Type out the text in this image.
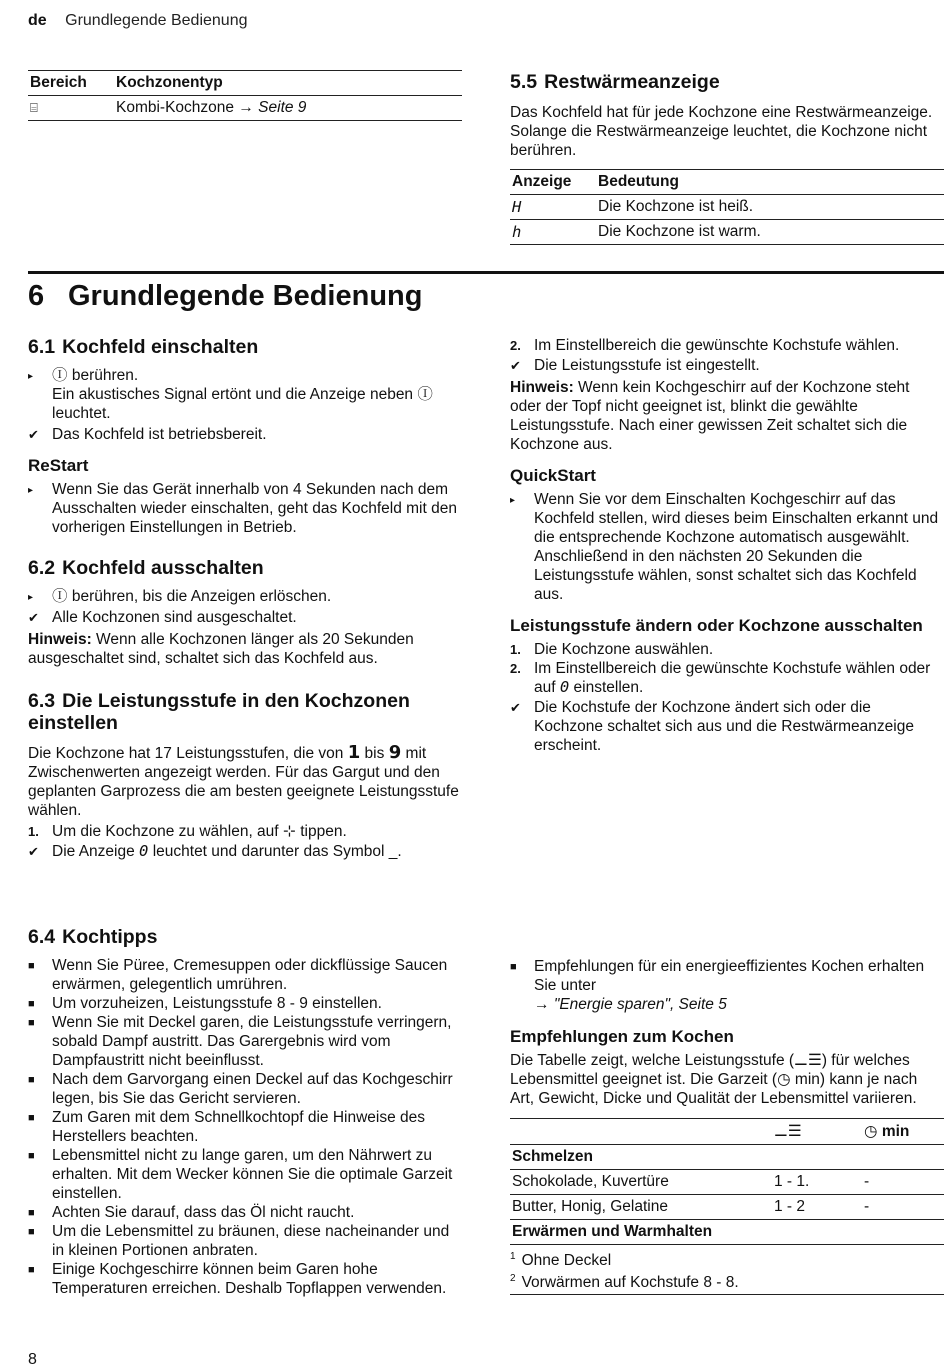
de Grundlegende Bedienung
Bereich	Kochzonentyp
⌸	Kombi-Kochzone → Seite 9
5.5 Restwärmeanzeige

Das Kochfeld hat für jede Kochzone eine Restwärmeanzeige. Solange die Restwärmeanzeige leuchtet, die Kochzone nicht berühren.

Anzeige	Bedeutung
H	Die Kochzone ist heiß.
h	Die Kochzone ist warm.
6 Grundlegende Bedienung
6.1 Kochfeld einschalten
▸	Ⓘ berühren.
Ein akustisches Signal ertönt und die Anzeige neben Ⓘ leuchtet.
✔ Das Kochfeld ist betriebsbereit.
ReStart
▸	Wenn Sie das Gerät innerhalb von 4 Sekunden nach dem Ausschalten wieder einschalten, geht das Kochfeld mit den vorherigen Einstellungen in Betrieb.
6.2 Kochfeld ausschalten
▸	Ⓘ berühren, bis die Anzeigen erlöschen.
✔ Alle Kochzonen sind ausgeschaltet.

Hinweis: Wenn alle Kochzonen länger als 20 Sekunden ausgeschaltet sind, schaltet sich das Kochfeld aus.

6.3 Die Leistungsstufe in den Kochzonen einstellen

Die Kochzone hat 17 Leistungsstufen, die von 1 bis 9 mit Zwischenwerten angezeigt werden. Für das Gargut und den geplanten Garprozess die am besten geeignete Leistungsstufe wählen.

1. Um die Kochzone zu wählen, auf ⊹ tippen.
✔ Die Anzeige 0 leuchtet und darunter das Symbol _.
2. Im Einstellbereich die gewünschte Kochstufe wählen.
✔ Die Leistungsstufe ist eingestellt.

Hinweis: Wenn kein Kochgeschirr auf der Kochzone steht oder der Topf nicht geeignet ist, blinkt die gewählte Leistungsstufe. Nach einer gewissen Zeit schaltet sich die Kochzone aus.

QuickStart
▸	Wenn Sie vor dem Einschalten Kochgeschirr auf das Kochfeld stellen, wird dieses beim Einschalten erkannt und die entsprechende Kochzone automatisch ausgewählt. Anschließend in den nächsten 20 Sekunden die Leistungsstufe wählen, sonst schaltet sich das Kochfeld aus.
Leistungsstufe ändern oder Kochzone ausschalten
1. Die Kochzone auswählen.
2. Im Einstellbereich die gewünschte Kochstufe wählen oder auf 0 einstellen.
✔ Die Kochstufe der Kochzone ändert sich oder die Kochzone schaltet sich aus und die Restwärmeanzeige erscheint.
6.4 Kochtipps
■	Wenn Sie Püree, Cremesuppen oder dickflüssige Saucen erwärmen, gelegentlich umrühren.
■	Um vorzuheizen, Leistungsstufe 8 - 9 einstellen.
■	Wenn Sie mit Deckel garen, die Leistungsstufe verringern, sobald Dampf austritt. Das Garergebnis wird vom Dampfaustritt nicht beeinflusst.
■	Nach dem Garvorgang einen Deckel auf das Kochgeschirr legen, bis Sie das Gericht servieren.
■	Zum Garen mit dem Schnellkochtopf die Hinweise des Herstellers beachten.
■	Lebensmittel nicht zu lange garen, um den Nährwert zu erhalten. Mit dem Wecker können Sie die optimale Garzeit einstellen.
■	Achten Sie darauf, dass das Öl nicht raucht.
■	Um die Lebensmittel zu bräunen, diese nacheinander und in kleinen Portionen anbraten.
■	Einige Kochgeschirre können beim Garen hohe Temperaturen erreichen. Deshalb Topflappen verwenden.
■	Empfehlungen für ein energieeffizientes Kochen erhalten Sie unter
→ "Energie sparen", Seite 5
Empfehlungen zum Kochen

Die Tabelle zeigt, welche Leistungsstufe (⚊☰) für welches Lebensmittel geeignet ist. Die Garzeit (◷ min) kann je nach Art, Gewicht, Dicke und Qualität der Lebensmittel variieren.

	⚊☰	◷ min
Schmelzen		
Schokolade, Kuvertüre	1 - 1.	-
Butter, Honig, Gelatine	1 - 2	-
Erwärmen und Warmhalten		
$^1$ Ohne Deckel
$^2$ Vorwärmen auf Kochstufe 8 - 8.
8
